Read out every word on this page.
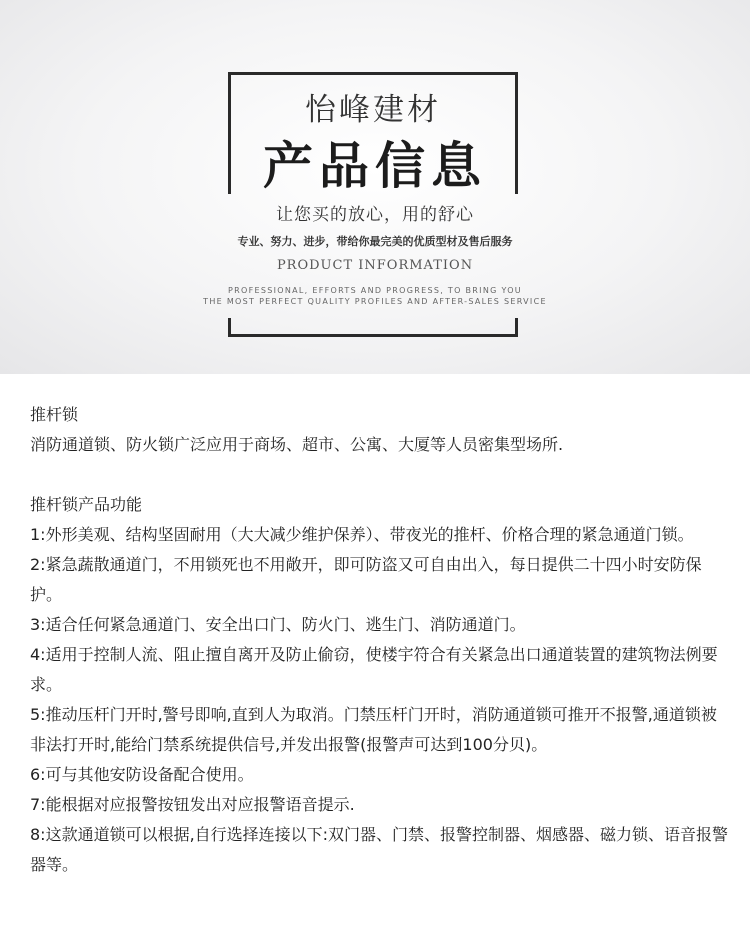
怡峰建材
产品信息
让您买的放心，用的舒心
专业、努力、进步，带给你最完美的优质型材及售后服务
PRODUCT INFORMATION
PROFESSIONAL, EFFORTS AND PROGRESS, TO BRING YOU
THE MOST PERFECT QUALITY PROFILES AND AFTER-SALES SERVICE

推杆锁

消防通道锁、防火锁广泛应用于商场、超市、公寓、大厦等人员密集型场所.

推杆锁产品功能

1:外形美观、结构坚固耐用（大大减少维护保养）、带夜光的推杆、价格合理的紧急通道门锁。

2:紧急蔬散通道门，不用锁死也不用敞开，即可防盗又可自由出入，每日提供二十四小时安防保护。

3:适合任何紧急通道门、安全出口门、防火门、逃生门、消防通道门。

4:适用于控制人流、阻止擅自离开及防止偷窃，使楼宇符合有关紧急出口通道装置的建筑物法例要求。

5:推动压杆门开时,警号即响,直到人为取消。门禁压杆门开时，消防通道锁可推开不报警,通道锁被非法打开时,能给门禁系统提供信号,并发出报警(报警声可达到100分贝)。

6:可与其他安防设备配合使用。

7:能根据对应报警按钮发出对应报警语音提示.

8:这款通道锁可以根据,自行选择连接以下:双门器、门禁、报警控制器、烟感器、磁力锁、语音报警器等。
